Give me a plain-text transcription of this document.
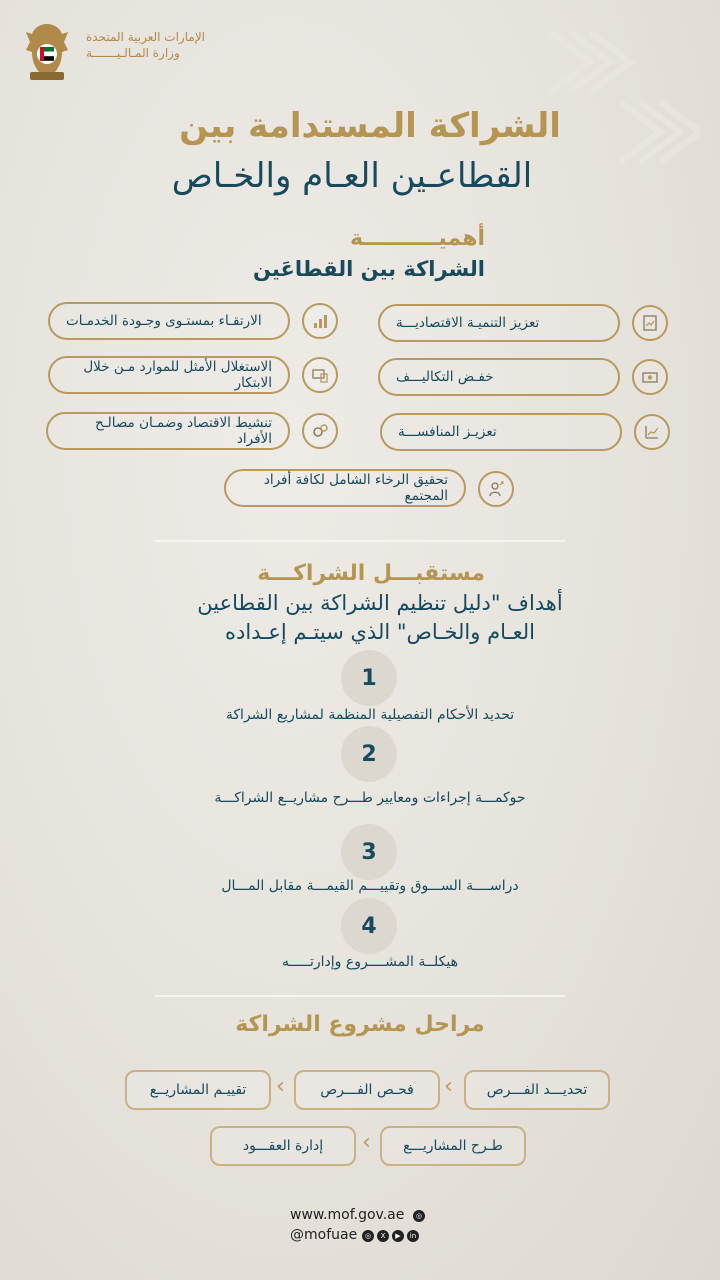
الإمارات العربية المتحدة
وزارة المـالـيـــــــة
الشراكة المستدامة بين
القطاعـين العـام والخـاص
أهميــــــــــة
الشراكة بين القطاعَين
تعزيز التنميـة الاقتصاديـــة
الارتقـاء بمستـوى وجـودة الخدمـات
خفـض التكاليـــف
الاستغلال الأمثل للموارد مـن خلال الابتكار
تعزيـز المنافســـة
تنشيط الاقتصاد وضمـان مصالـح الأفراد
تحقيق الرخاء الشامل لكافة أفراد المجتمع
مستقبـــل الشراكـــة
أهداف "دليل تنظيم الشراكة بين القطاعين
العـام والخـاص" الذي سيتـم إعـداده
1
تحديد الأحكام التفصيلية المنظمة لمشاريع الشراكة
2
حوكمـــة إجراءات ومعايير طـــرح مشاريــع الشراكـــة
3
دراســــة الســـوق وتقييـــم القيمـــة مقابل المـــال
4
هيكلــة المشــــروع وإدارتـــــه
مراحل مشروع الشراكة
تحديـــد الفـــرص
‹
فحـص الفـــرص
‹
تقييـم المشاريــع
طـرح المشاريـــع
‹
إدارة العقـــود
www.mof.gov.ae	◎
@mofuae	◎	X	▶	in
